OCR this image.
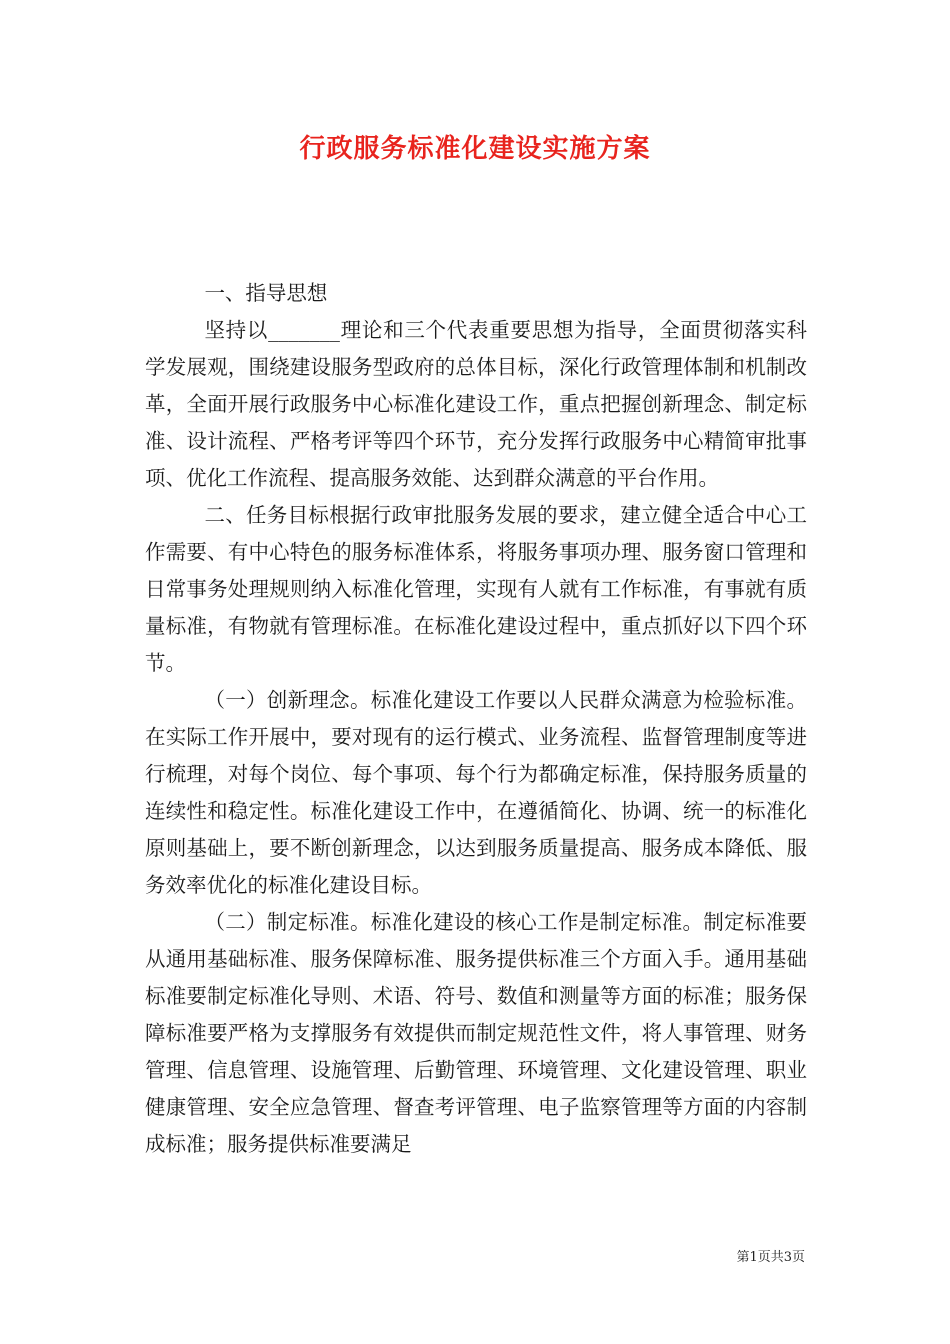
行政服务标准化建设实施方案

一、指导思想

坚持以_______理论和三个代表重要思想为指导，全面贯彻落实科学发展观，围绕建设服务型政府的总体目标，深化行政管理体制和机制改革，全面开展行政服务中心标准化建设工作，重点把握创新理念、制定标准、设计流程、严格考评等四个环节，充分发挥行政服务中心精简审批事项、优化工作流程、提高服务效能、达到群众满意的平台作用。

二、任务目标根据行政审批服务发展的要求，建立健全适合中心工作需要、有中心特色的服务标准体系，将服务事项办理、服务窗口管理和日常事务处理规则纳入标准化管理，实现有人就有工作标准，有事就有质量标准，有物就有管理标准。在标准化建设过程中，重点抓好以下四个环节。

（一）创新理念。标准化建设工作要以人民群众满意为检验标准。在实际工作开展中，要对现有的运行模式、业务流程、监督管理制度等进行梳理，对每个岗位、每个事项、每个行为都确定标准，保持服务质量的连续性和稳定性。标准化建设工作中，在遵循简化、协调、统一的标准化原则基础上，要不断创新理念，以达到服务质量提高、服务成本降低、服务效率优化的标准化建设目标。

（二）制定标准。标准化建设的核心工作是制定标准。制定标准要从通用基础标准、服务保障标准、服务提供标准三个方面入手。通用基础标准要制定标准化导则、术语、符号、数值和测量等方面的标准；服务保障标准要严格为支撑服务有效提供而制定规范性文件，将人事管理、财务管理、信息管理、设施管理、后勤管理、环境管理、文化建设管理、职业健康管理、安全应急管理、督查考评管理、电子监察管理等方面的内容制成标准；服务提供标准要满足

第1页共3页
